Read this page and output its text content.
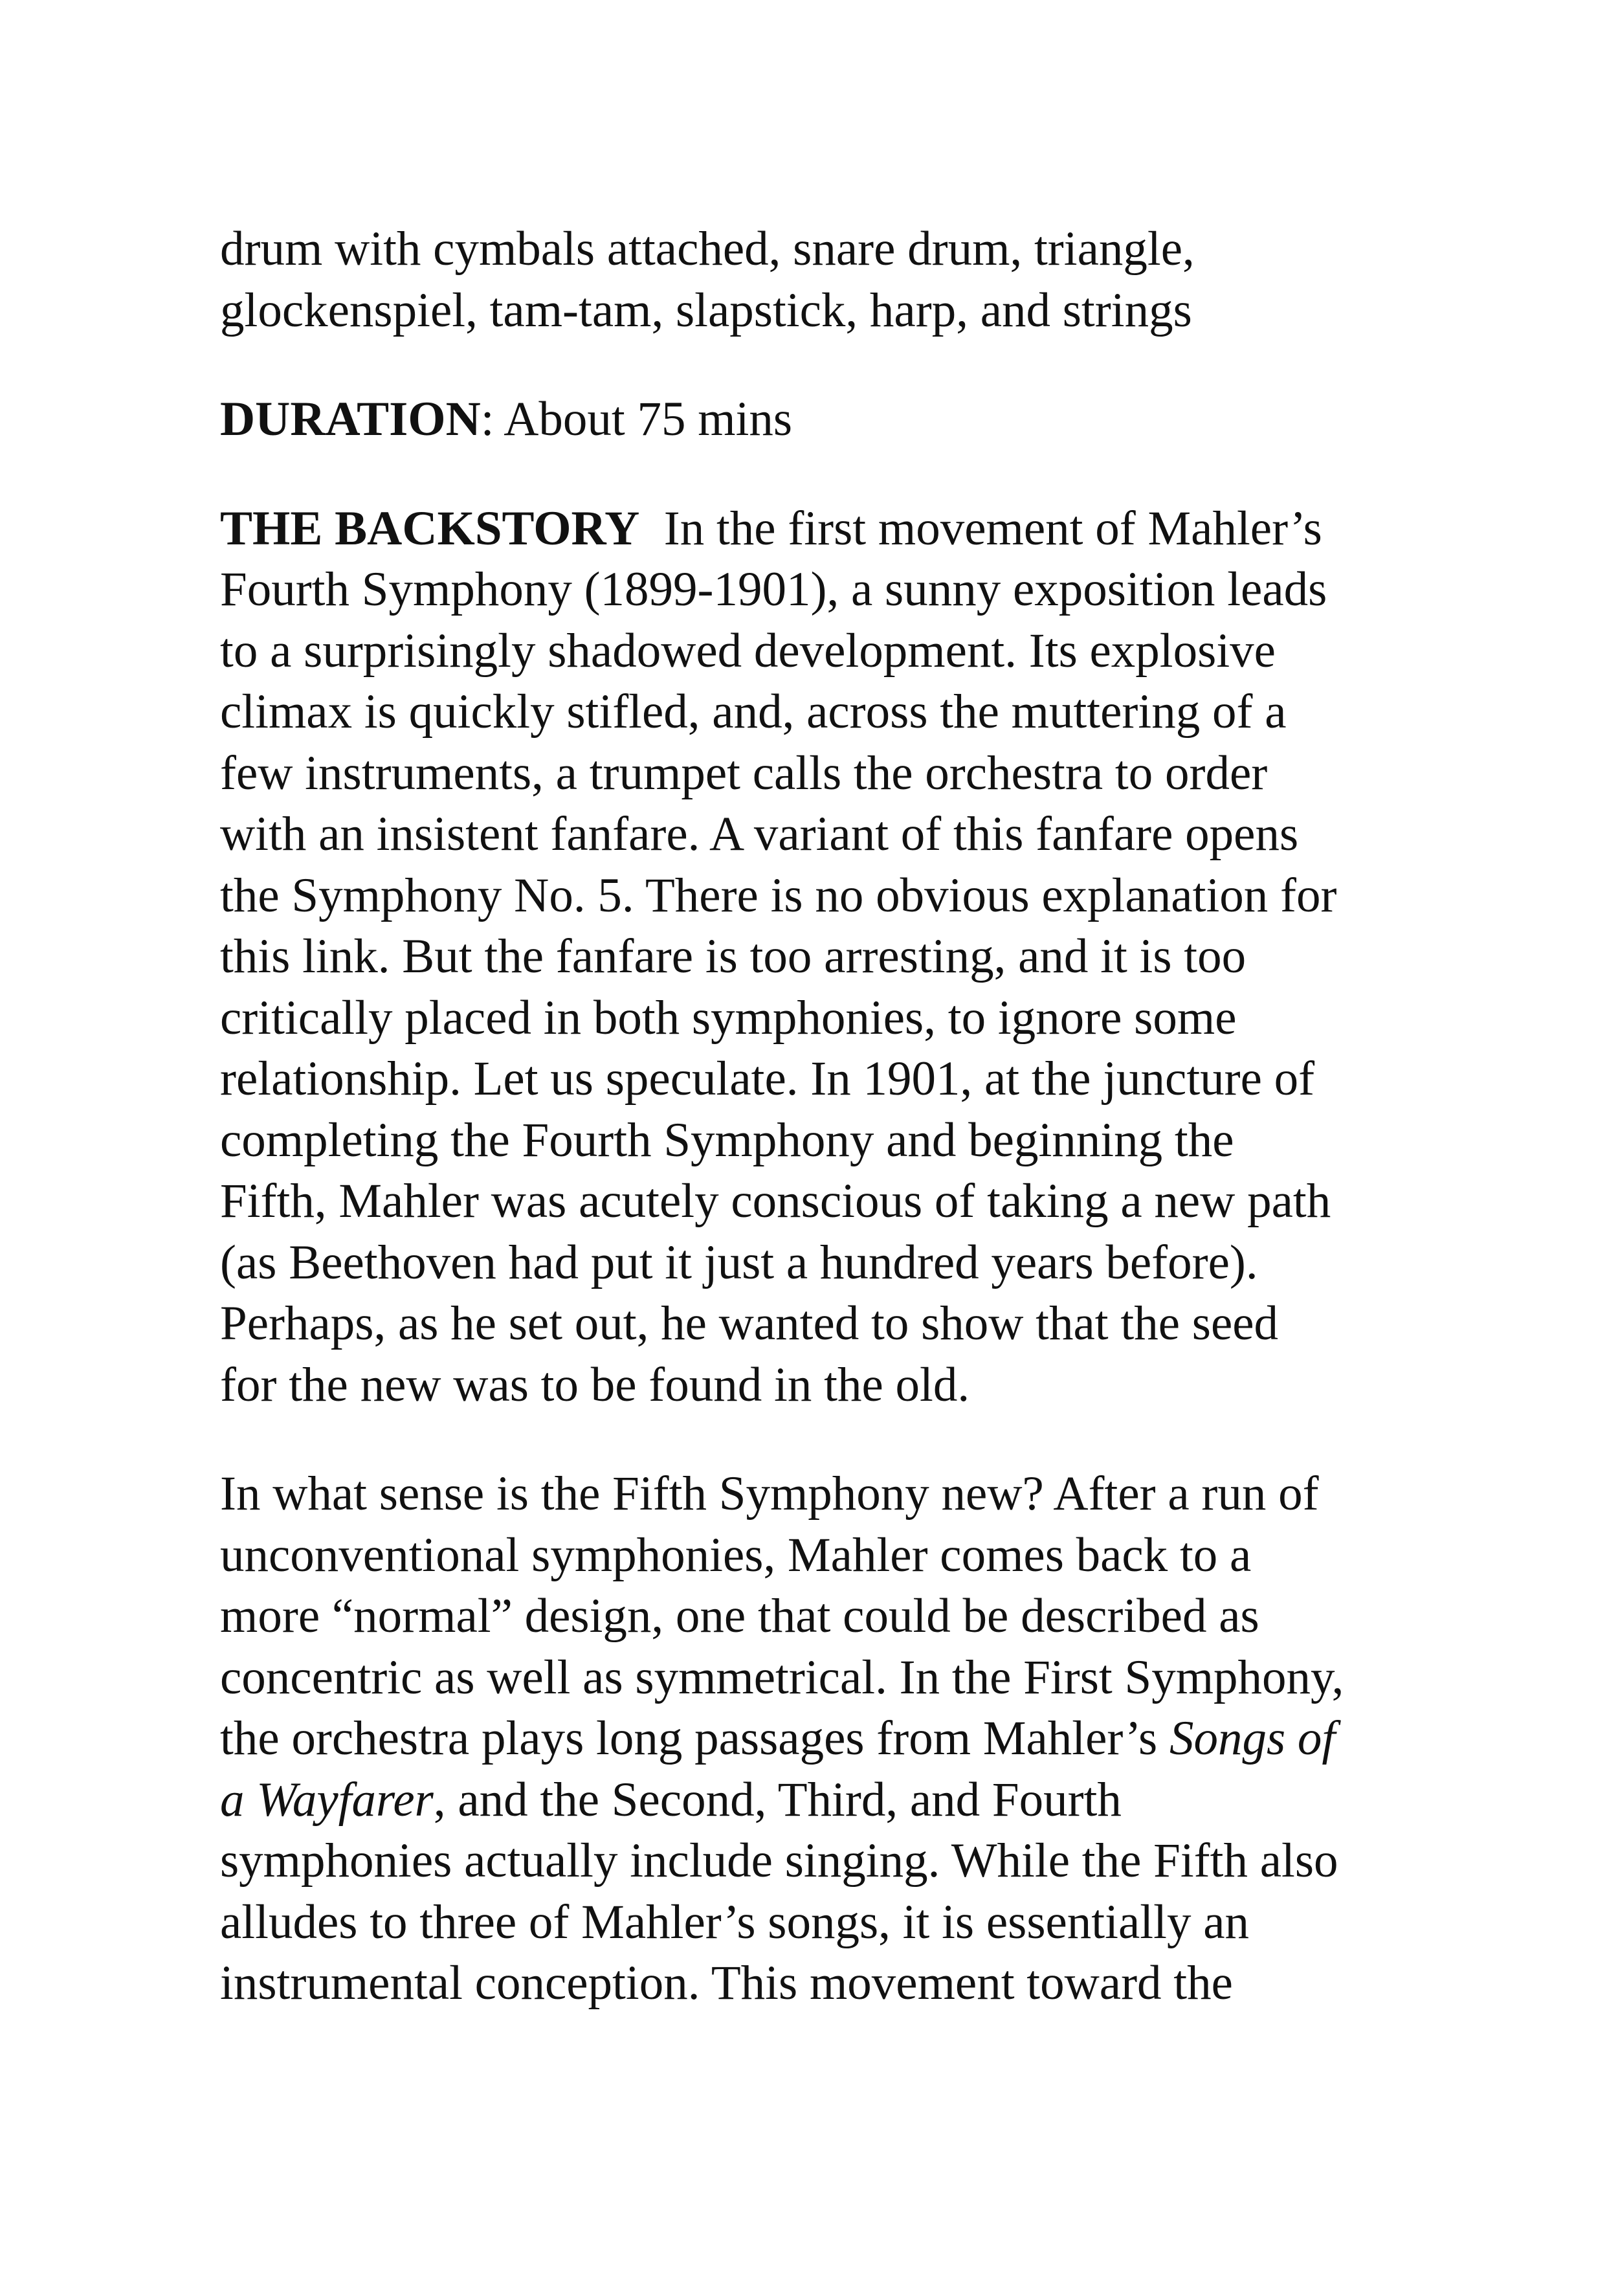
drum with cymbals attached, snare drum, triangle,
glockenspiel, tam-tam, slapstick, harp, and strings

DURATION: About 75 mins

THE BACKSTORY  In the first movement of Mahler’s
Fourth Symphony (1899-1901), a sunny exposition leads
to a surprisingly shadowed development. Its explosive
climax is quickly stifled, and, across the muttering of a
few instruments, a trumpet calls the orchestra to order
with an insistent fanfare. A variant of this fanfare opens
the Symphony No. 5. There is no obvious explanation for
this link. But the fanfare is too arresting, and it is too
critically placed in both symphonies, to ignore some
relationship. Let us speculate. In 1901, at the juncture of
completing the Fourth Symphony and beginning the
Fifth, Mahler was acutely conscious of taking a new path
(as Beethoven had put it just a hundred years before).
Perhaps, as he set out, he wanted to show that the seed
for the new was to be found in the old.

In what sense is the Fifth Symphony new? After a run of
unconventional symphonies, Mahler comes back to a
more “normal” design, one that could be described as
concentric as well as symmetrical. In the First Symphony,
the orchestra plays long passages from Mahler’s Songs of
a Wayfarer, and the Second, Third, and Fourth
symphonies actually include singing. While the Fifth also
alludes to three of Mahler’s songs, it is essentially an
instrumental conception. This movement toward the
